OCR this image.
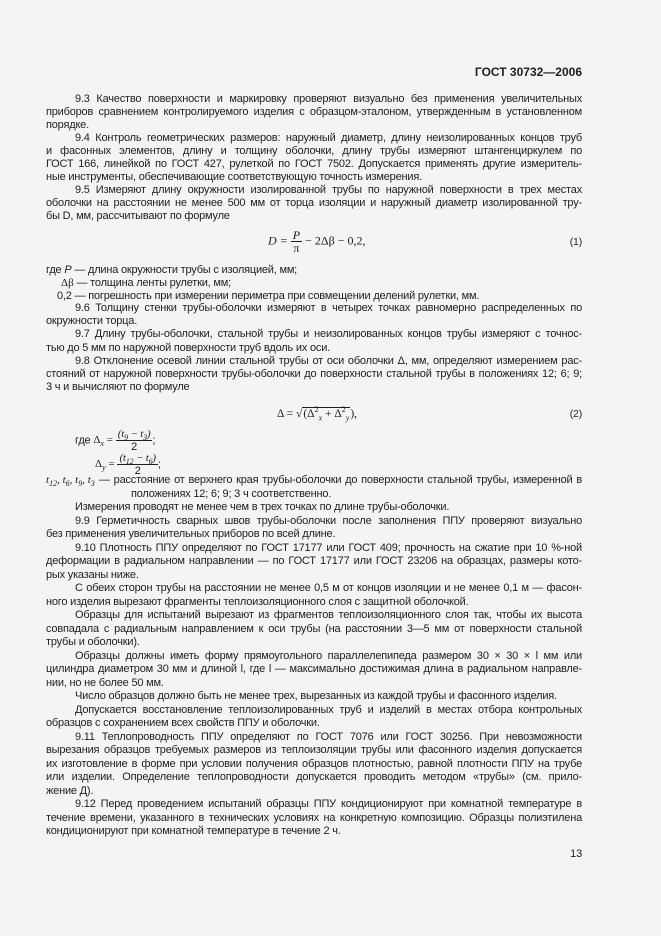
ГОСТ 30732—2006
9.3 Качество поверхности и маркировку проверяют визуально без применения увеличительных
приборов сравнением контролируемого изделия с образцом-эталоном, утвержденным в установленном
порядке.
9.4 Контроль геометрических размеров: наружный диаметр, длину неизолированных концов труб
и фасонных элементов, длину и толщину оболочки, длину трубы измеряют штангенциркулем по
ГОСТ 166, линейкой по ГОСТ 427, рулеткой по ГОСТ 7502. Допускается применять другие измеритель-
ные инструменты, обеспечивающие соответствующую точность измерения.
9.5 Измеряют длину окружности изолированной трубы по наружной поверхности в трех местах
оболочки на расстоянии не менее 500 мм от торца изоляции и наружный диаметр изолированной тру-
бы D, мм, рассчитывают по формуле
$D = \frac{P}{\pi} - 2\Delta\beta - 0,2$,	(1)
где P — длина окружности трубы с изоляцией, мм;
Δβ — толщина ленты рулетки, мм;
0,2 — погрешность при измерении периметра при совмещении делений рулетки, мм.
9.6 Толщину стенки трубы-оболочки измеряют в четырех точках равномерно распределенных по
окружности торца.
9.7 Длину трубы-оболочки, стальной трубы и неизолированных концов трубы измеряют с точнос-
тью до 5 мм по наружной поверхности труб вдоль их оси.
9.8 Отклонение осевой линии стальной трубы от оси оболочки Δ, мм, определяют измерением рас-
стояний от наружной поверхности трубы-оболочки до поверхности стальной трубы в положениях 12; 6; 9;
3 ч и вычисляют по формуле
$\Delta = √(\Delta^2_x + \Delta^2_y)$,	(2)
где $\Delta_x = \frac{(t_9 - t_3)}{2}$ ;
$\Delta_y = \frac{(t_{12} - t_6)}{2}$ ;
$t_{12}$, $t_6$, $t_9$, $t_3$ — расстояние от верхнего края трубы-оболочки до поверхности стальной трубы, измеренной в
положениях 12; 6; 9; 3 ч соответственно.
Измерения проводят не менее чем в трех точках по длине трубы-оболочки.
9.9 Герметичность сварных швов трубы-оболочки после заполнения ППУ проверяют визуально
без применения увеличительных приборов по всей длине.
9.10 Плотность ППУ определяют по ГОСТ 17177 или ГОСТ 409; прочность на сжатие при 10 %-ной
деформации в радиальном направлении — по ГОСТ 17177 или ГОСТ 23206 на образцах, размеры кото-
рых указаны ниже.
С обеих сторон трубы на расстоянии не менее 0,5 м от концов изоляции и не менее 0,1 м — фасон-
ного изделия вырезают фрагменты теплоизоляционного слоя с защитной оболочкой.
Образцы для испытаний вырезают из фрагментов теплоизоляционного слоя так, чтобы их высота
совпадала с радиальным направлением к оси трубы (на расстоянии 3—5 мм от поверхности стальной
трубы и оболочки).
Образцы должны иметь форму прямоугольного параллелепипеда размером 30 × 30 × l мм или
цилиндра диаметром 30 мм и длиной l, где l — максимально достижимая длина в радиальном направле-
нии, но не более 50 мм.
Число образцов должно быть не менее трех, вырезанных из каждой трубы и фасонного изделия.
Допускается восстановление теплоизолированных труб и изделий в местах отбора контрольных
образцов с сохранением всех свойств ППУ и оболочки.
9.11 Теплопроводность ППУ определяют по ГОСТ 7076 или ГОСТ 30256. При невозможности
вырезания образцов требуемых размеров из теплоизоляции трубы или фасонного изделия допускается
их изготовление в форме при условии получения образцов плотностью, равной плотности ППУ на трубе
или изделии. Определение теплопроводности допускается проводить методом «трубы» (см. прило-
жение Д).
9.12 Перед проведением испытаний образцы ППУ кондиционируют при комнатной температуре в
течение времени, указанного в технических условиях на конкретную композицию. Образцы полиэтилена
кондиционируют при комнатной температуре в течение 2 ч.
13
